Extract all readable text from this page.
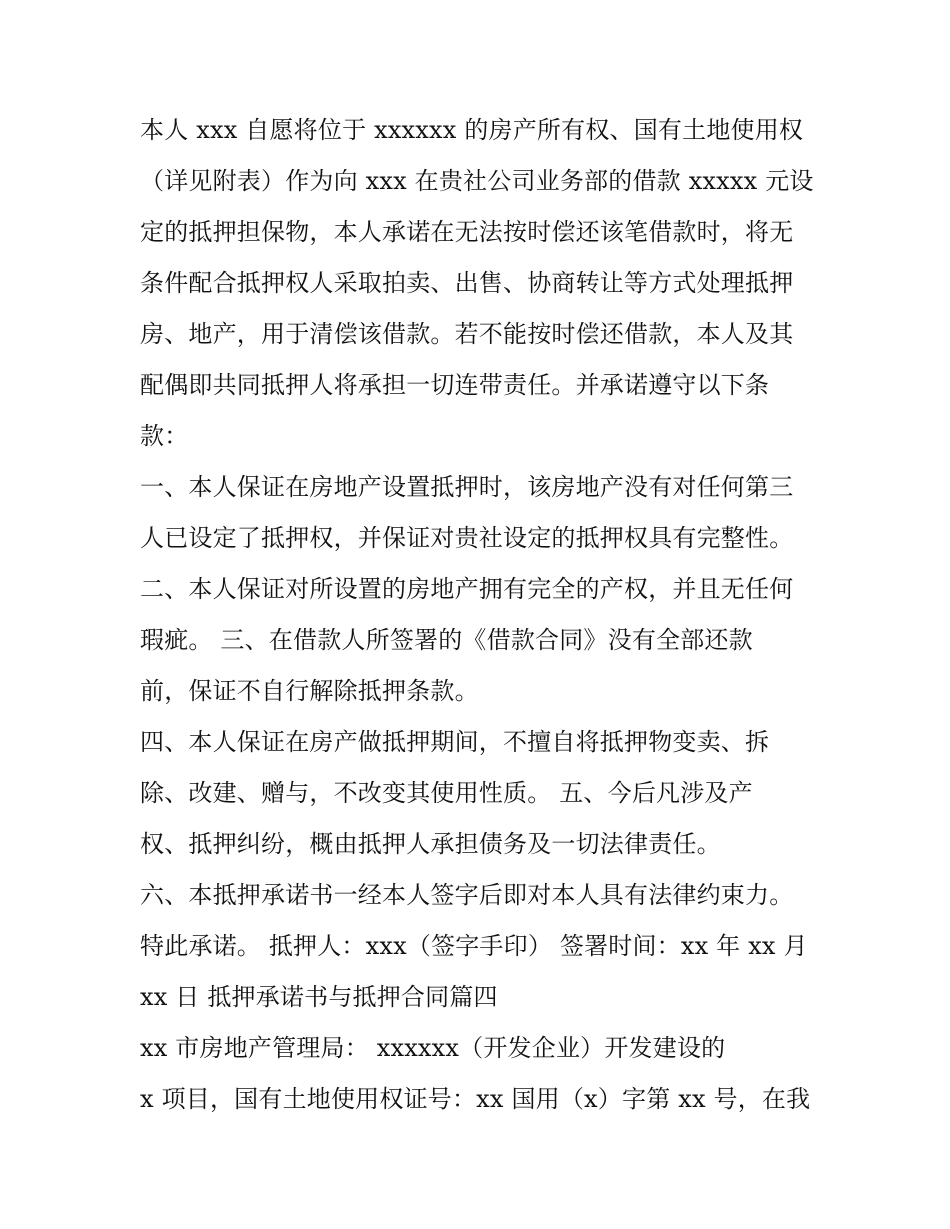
本人 xxx 自愿将位于 xxxxxx 的房产所有权、国有土地使用权
（详见附表）作为向 xxx 在贵社公司业务部的借款 xxxxx 元设
定的抵押担保物，本人承诺在无法按时偿还该笔借款时，将无
条件配合抵押权人采取拍卖、出售、协商转让等方式处理抵押
房、地产，用于清偿该借款。若不能按时偿还借款，本人及其
配偶即共同抵押人将承担一切连带责任。并承诺遵守以下条
款：
一、本人保证在房地产设置抵押时，该房地产没有对任何第三
人已设定了抵押权，并保证对贵社设定的抵押权具有完整性。
二、本人保证对所设置的房地产拥有完全的产权，并且无任何
瑕疵。 三、在借款人所签署的《借款合同》没有全部还款
前，保证不自行解除抵押条款。
四、本人保证在房产做抵押期间，不擅自将抵押物变卖、拆
除、改建、赠与，不改变其使用性质。 五、今后凡涉及产
权、抵押纠纷，概由抵押人承担债务及一切法律责任。
六、本抵押承诺书一经本人签字后即对本人具有法律约束力。
特此承诺。 抵押人：xxx（签字手印） 签署时间：xx 年 xx 月
xx 日 抵押承诺书与抵押合同篇四
xx 市房地产管理局： xxxxxx（开发企业）开发建设的
x 项目，国有土地使用权证号：xx 国用（x）字第 xx 号，在我
